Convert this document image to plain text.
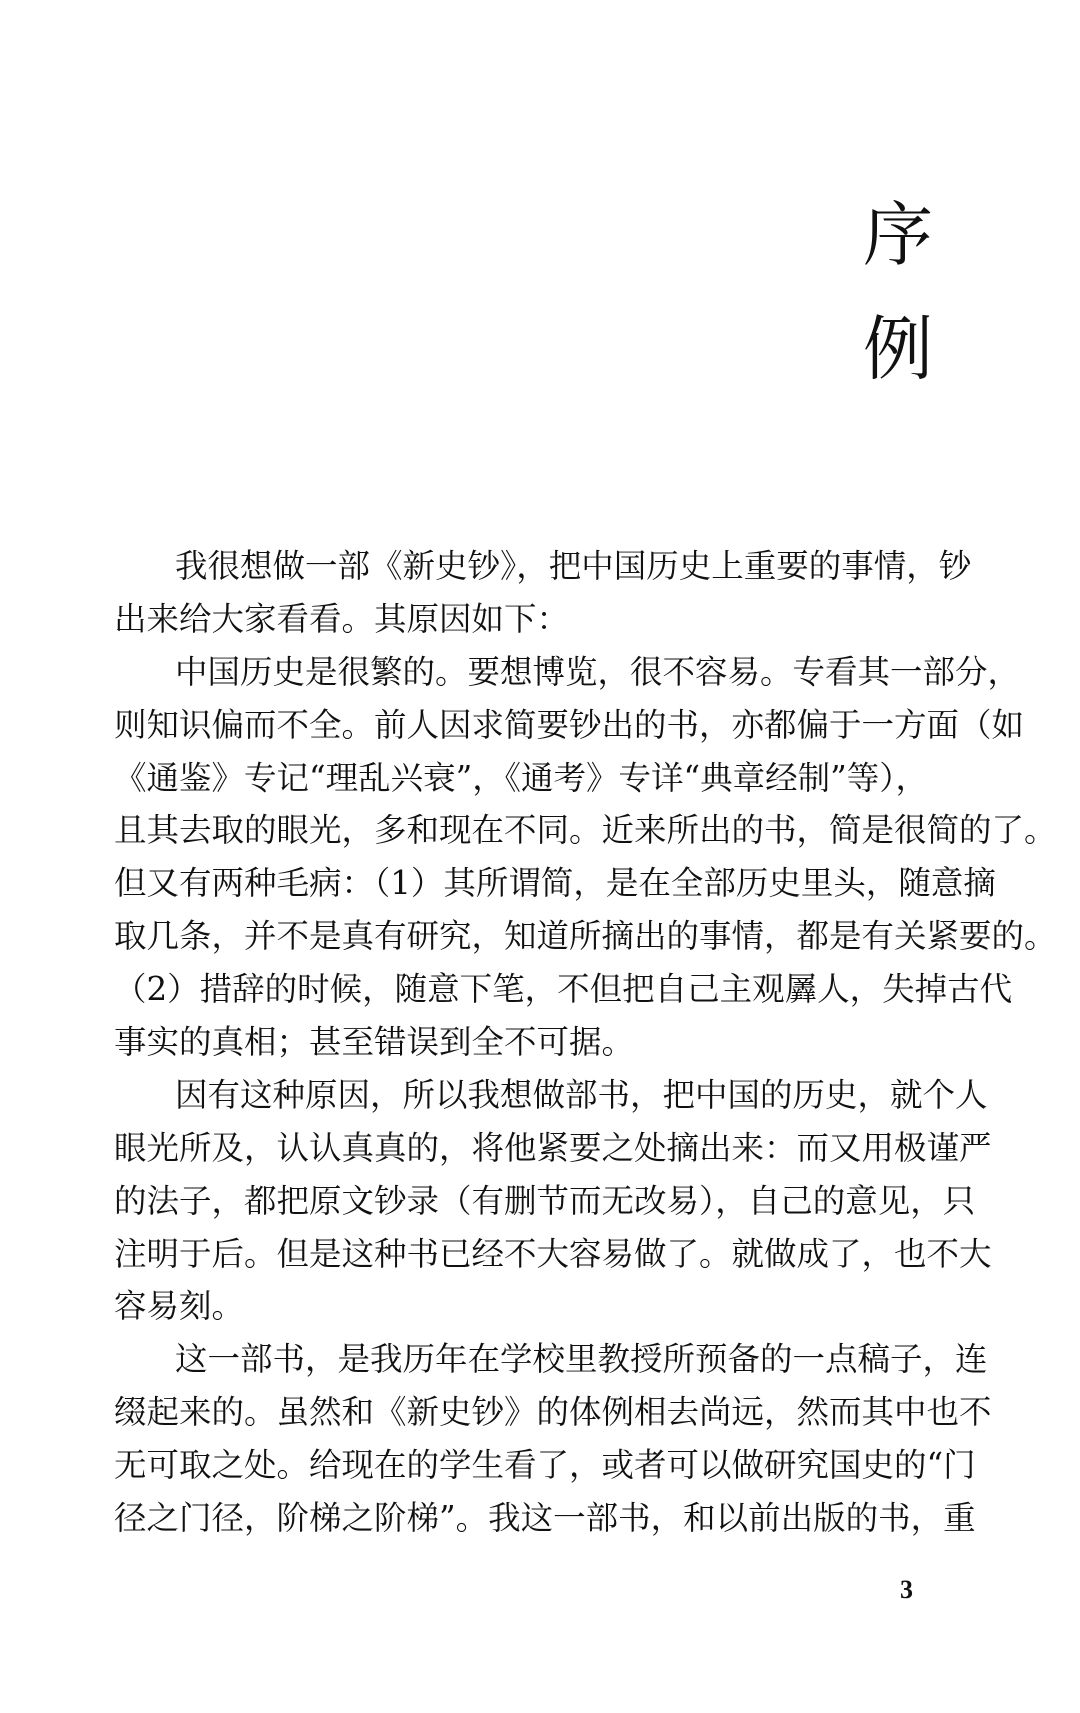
序
例
我很想做一部《新史钞》，把中国历史上重要的事情，钞
出来给大家看看。其原因如下：
中国历史是很繁的。要想博览，很不容易。专看其一部分，
则知识偏而不全。前人因求简要钞出的书，亦都偏于一方面（如
《通鉴》专记“理乱兴衰”，《通考》专详“典章经制”等），
且其去取的眼光，多和现在不同。近来所出的书，简是很简的了。
但又有两种毛病：（1）其所谓简，是在全部历史里头，随意摘
取几条，并不是真有研究，知道所摘出的事情，都是有关紧要的。
（2）措辞的时候，随意下笔，不但把自己主观羼人，失掉古代
事实的真相；甚至错误到全不可据。
因有这种原因，所以我想做部书，把中国的历史，就个人
眼光所及，认认真真的，将他紧要之处摘出来：而又用极谨严
的法子，都把原文钞录（有删节而无改易），自己的意见，只
注明于后。但是这种书已经不大容易做了。就做成了，也不大
容易刻。
这一部书，是我历年在学校里教授所预备的一点稿子，连
缀起来的。虽然和《新史钞》的体例相去尚远，然而其中也不
无可取之处。给现在的学生看了，或者可以做研究国史的“门
径之门径，阶梯之阶梯”。我这一部书，和以前出版的书，重
3
